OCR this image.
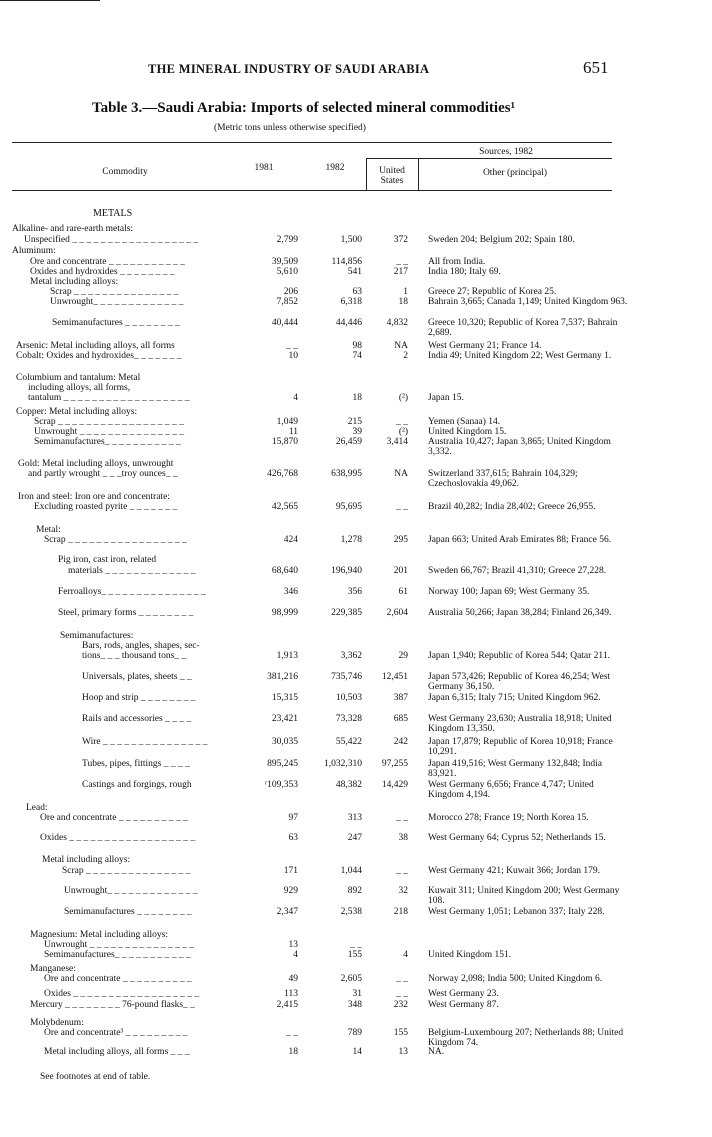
THE MINERAL INDUSTRY OF SAUDI ARABIA	651
Table 3.—Saudi Arabia: Imports of selected mineral commodities¹
(Metric tons unless otherwise specified)
Commodity	1981	1982
Sources, 1982
United States
Other (principal)
METALS
Alkaline- and rare-earth metals:
Unspecified _ _ _ _ _ _ _ _ _ _ _ _ _ _ _ _ _ _	2,799	1,500	372 Sweden 204; Belgium 202; Spain 180.
Aluminum:
Ore and concentrate _ _ _ _ _ _ _ _ _ _ _	39,509	114,856	_ _ All from India.
Oxides and hydroxides _ _ _ _ _ _ _ _	5,610	541	217 India 180; Italy 69.
Metal including alloys:
Scrap _ _ _ _ _ _ _ _ _ _ _ _ _ _ _	206	63	1 Greece 27; Republic of Korea 25.
Unwrought_ _ _ _ _ _ _ _ _ _ _ _ _	7,852	6,318	18 Bahrain 3,665; Canada 1,149; United Kingdom 963.
Semimanufactures _ _ _ _ _ _ _ _	40,444	44,446	4,832 Greece 10,320; Republic of Korea 7,537; Bahrain 2,689.
Arsenic: Metal including alloys, all forms	_ _	98	NA West Germany 21; France 14.
Cobalt: Oxides and hydroxides_ _ _ _ _ _ _	10	74	2 India 49; United Kingdom 22; West Germany 1.
Columbium and tantalum: Metal
including alloys, all forms,
tantalum _ _ _ _ _ _ _ _ _ _ _ _ _ _ _ _ _ _	4	18	(²) Japan 15.
Copper: Metal including alloys:
Scrap _ _ _ _ _ _ _ _ _ _ _ _ _ _ _ _ _ _	1,049	215	_ _ Yemen (Sanaa) 14.
Unwrought _ _ _ _ _ _ _ _ _ _ _ _ _ _ _	11	39	(²) United Kingdom 15.
Semimanufactures_ _ _ _ _ _ _ _ _ _ _	15,870	26,459	3,414 Australia 10,427; Japan 3,865; United Kingdom 3,332.
Gold: Metal including alloys, unwrought
and partly wrought _ _ _troy ounces_ _	426,768	638,995	NA Switzerland 337,615; Bahrain 104,329; Czechoslovakia 49,062.
Iron and steel: Iron ore and concentrate:
Excluding roasted pyrite _ _ _ _ _ _ _	42,565	95,695	_ _ Brazil 40,282; India 28,402; Greece 26,955.
Metal:
Scrap _ _ _ _ _ _ _ _ _ _ _ _ _ _ _ _ _	424	1,278	295 Japan 663; United Arab Emirates 88; France 56.
Pig iron, cast iron, related
materials _ _ _ _ _ _ _ _ _ _ _ _ _	68,640	196,940	201 Sweden 66,767; Brazil 41,310; Greece 27,228.
Ferroalloys_ _ _ _ _ _ _ _ _ _ _ _ _ _ _	346	356	61 Norway 100; Japan 69; West Germany 35.
Steel, primary forms _ _ _ _ _ _ _ _	98,999	229,385	2,604 Australia 50,266; Japan 38,284; Finland 26,349.
Semimanufactures:
Bars, rods, angles, shapes, sec-
tions_ _ _ thousand tons_ _	1,913	3,362	29 Japan 1,940; Republic of Korea 544; Qatar 211.
Universals, plates, sheets _ _	381,216	735,746	12,451 Japan 573,426; Republic of Korea 46,254; West Germany 36,150.
Hoop and strip _ _ _ _ _ _ _ _	15,315	10,503	387 Japan 6,315; Italy 715; United Kingdom 962.
Rails and accessories _ _ _ _	23,421	73,328	685 West Germany 23,630; Australia 18,918; United Kingdom 13,350.
Wire _ _ _ _ _ _ _ _ _ _ _ _ _ _ _	30,035	55,422	242 Japan 17,879; Republic of Korea 10,918; France 10,291.
Tubes, pipes, fittings _ _ _ _	895,245	1,032,310	97,255 Japan 419,516; West Germany 132,848; India 83,921.
Castings and forgings, rough	ʳ109,353	48,382	14,429 West Germany 6,656; France 4,747; United Kingdom 4,194.
Lead:
Ore and concentrate _ _ _ _ _ _ _ _ _ _	97	313	_ _ Morocco 278; France 19; North Korea 15.
Oxides _ _ _ _ _ _ _ _ _ _ _ _ _ _ _ _ _ _	63	247	38 West Germany 64; Cyprus 52; Netherlands 15.
Metal including alloys:
Scrap _ _ _ _ _ _ _ _ _ _ _ _ _ _ _	171	1,044	_ _ West Germany 421; Kuwait 366; Jordan 179.
Unwrought_ _ _ _ _ _ _ _ _ _ _ _ _	929	892	32 Kuwait 311; United Kingdom 200; West Germany 108.
Semimanufactures _ _ _ _ _ _ _ _	2,347	2,538	218 West Germany 1,051; Lebanon 337; Italy 228.
Magnesium: Metal including alloys:
Unwrought _ _ _ _ _ _ _ _ _ _ _ _ _ _ _	13	_ _
Semimanufactures_ _ _ _ _ _ _ _ _ _ _	4	155	4 United Kingdom 151.
Manganese:
Ore and concentrate _ _ _ _ _ _ _ _ _ _	49	2,605	_ _ Norway 2,098; India 500; United Kingdom 6.
Oxides _ _ _ _ _ _ _ _ _ _ _ _ _ _ _ _ _ _	113	31	_ _ West Germany 23.
Mercury _ _ _ _ _ _ _ _ 76-pound flasks_ _	2,415	348	232 West Germany 87.
Molybdenum:
Ore and concentrate³ _ _ _ _ _ _ _ _ _	_ _	789	155 Belgium-Luxembourg 207; Netherlands 88; United Kingdom 74.
Metal including alloys, all forms _ _ _	18	14	13 NA.
See footnotes at end of table.
